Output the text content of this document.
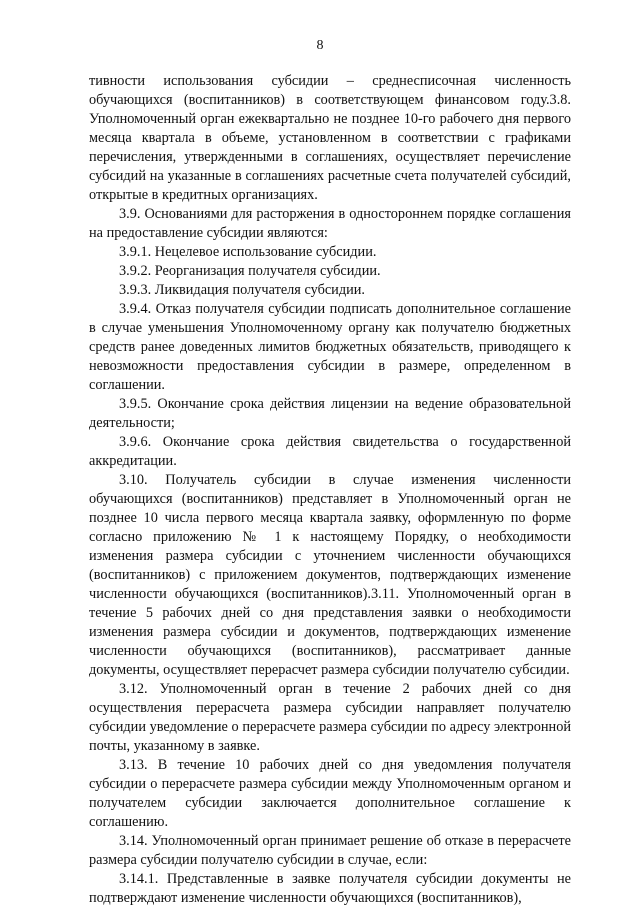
8

тивности использования субсидии – среднесписочная численность обучающихся (воспитанников) в соответствующем финансовом году.3.8. Уполномоченный орган ежеквартально не позднее 10-го рабочего дня первого месяца квартала в объеме, установленном в соответствии с графиками перечисления, утвержденными в соглашениях, осуществляет перечисление субсидий на указанные в соглашениях расчетные счета получателей субсидий, открытые в кредитных организациях.

3.9. Основаниями для расторжения в одностороннем порядке соглашения на предоставление субсидии являются:

3.9.1. Нецелевое использование субсидии.

3.9.2. Реорганизация получателя субсидии.

3.9.3. Ликвидация получателя субсидии.

3.9.4. Отказ получателя субсидии подписать дополнительное соглашение в случае уменьшения Уполномоченному органу как получателю бюджетных средств ранее доведенных лимитов бюджетных обязательств, приводящего к невозможности предоставления субсидии в размере, определенном в соглашении.

3.9.5. Окончание срока действия лицензии на ведение образовательной деятельности;

3.9.6. Окончание срока действия свидетельства о государственной аккредитации.

3.10. Получатель субсидии в случае изменения численности обучающихся (воспитанников) представляет в Уполномоченный орган не позднее 10 числа первого месяца квартала заявку, оформленную по форме согласно приложению № 1 к настоящему Порядку, о необходимости изменения размера субсидии с уточнением численности обучающихся (воспитанников) с приложением документов, подтверждающих изменение численности обучающихся (воспитанников).3.11. Уполномоченный орган в течение 5 рабочих дней со дня представления заявки о необходимости изменения размера субсидии и документов, подтверждающих изменение численности обучающихся (воспитанников), рассматривает данные документы, осуществляет перерасчет размера субсидии получателю субсидии.

3.12. Уполномоченный орган в течение 2 рабочих дней со дня осуществления перерасчета размера субсидии направляет получателю субсидии уведомление о перерасчете размера субсидии по адресу электронной почты, указанному в заявке.

3.13. В течение 10 рабочих дней со дня уведомления получателя субсидии о перерасчете размера субсидии между Уполномоченным органом и получателем субсидии заключается дополнительное соглашение к соглашению.

3.14. Уполномоченный орган принимает решение об отказе в перерасчете размера субсидии получателю субсидии в случае, если:

3.14.1. Представленные в заявке получателя субсидии документы не подтверждают изменение численности обучающихся (воспитанников),
